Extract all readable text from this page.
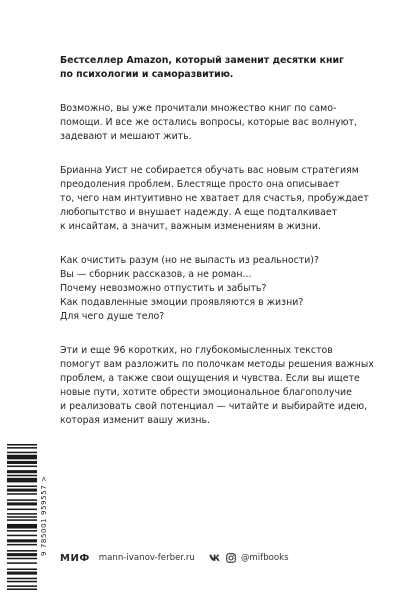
Бестселлер Amazon, который заменит десятки книг
по психологии и саморазвитию.
Возможно, вы уже прочитали множество книг по само-
помощи. И все же остались вопросы, которые вас волнуют,
задевают и мешают жить.
Брианна Уист не собирается обучать вас новым стратегиям
преодоления проблем. Блестяще просто она описывает
то, чего нам интуитивно не хватает для счастья, пробуждает
любопытство и внушает надежду. А еще подталкивает
к инсайтам, а значит, важным изменениям в жизни.
Как очистить разум (но не выпасть из реальности)?
Вы — сборник рассказов, а не роман...
Почему невозможно отпустить и забыть?
Как подавленные эмоции проявляются в жизни?
Для чего душе тело?
Эти и еще 96 коротких, но глубокомысленных текстов
помогут вам разложить по полочкам методы решения важных
проблем, а также свои ощущения и чувства. Если вы ищете
новые пути, хотите обрести эмоциональное благополучие
и реализовать свой потенциал — читайте и выбирайте идею,
которая изменит вашу жизнь.
9 785001 959557 >
МИФ mann-ivanov-ferber.ru	@mifbooks
